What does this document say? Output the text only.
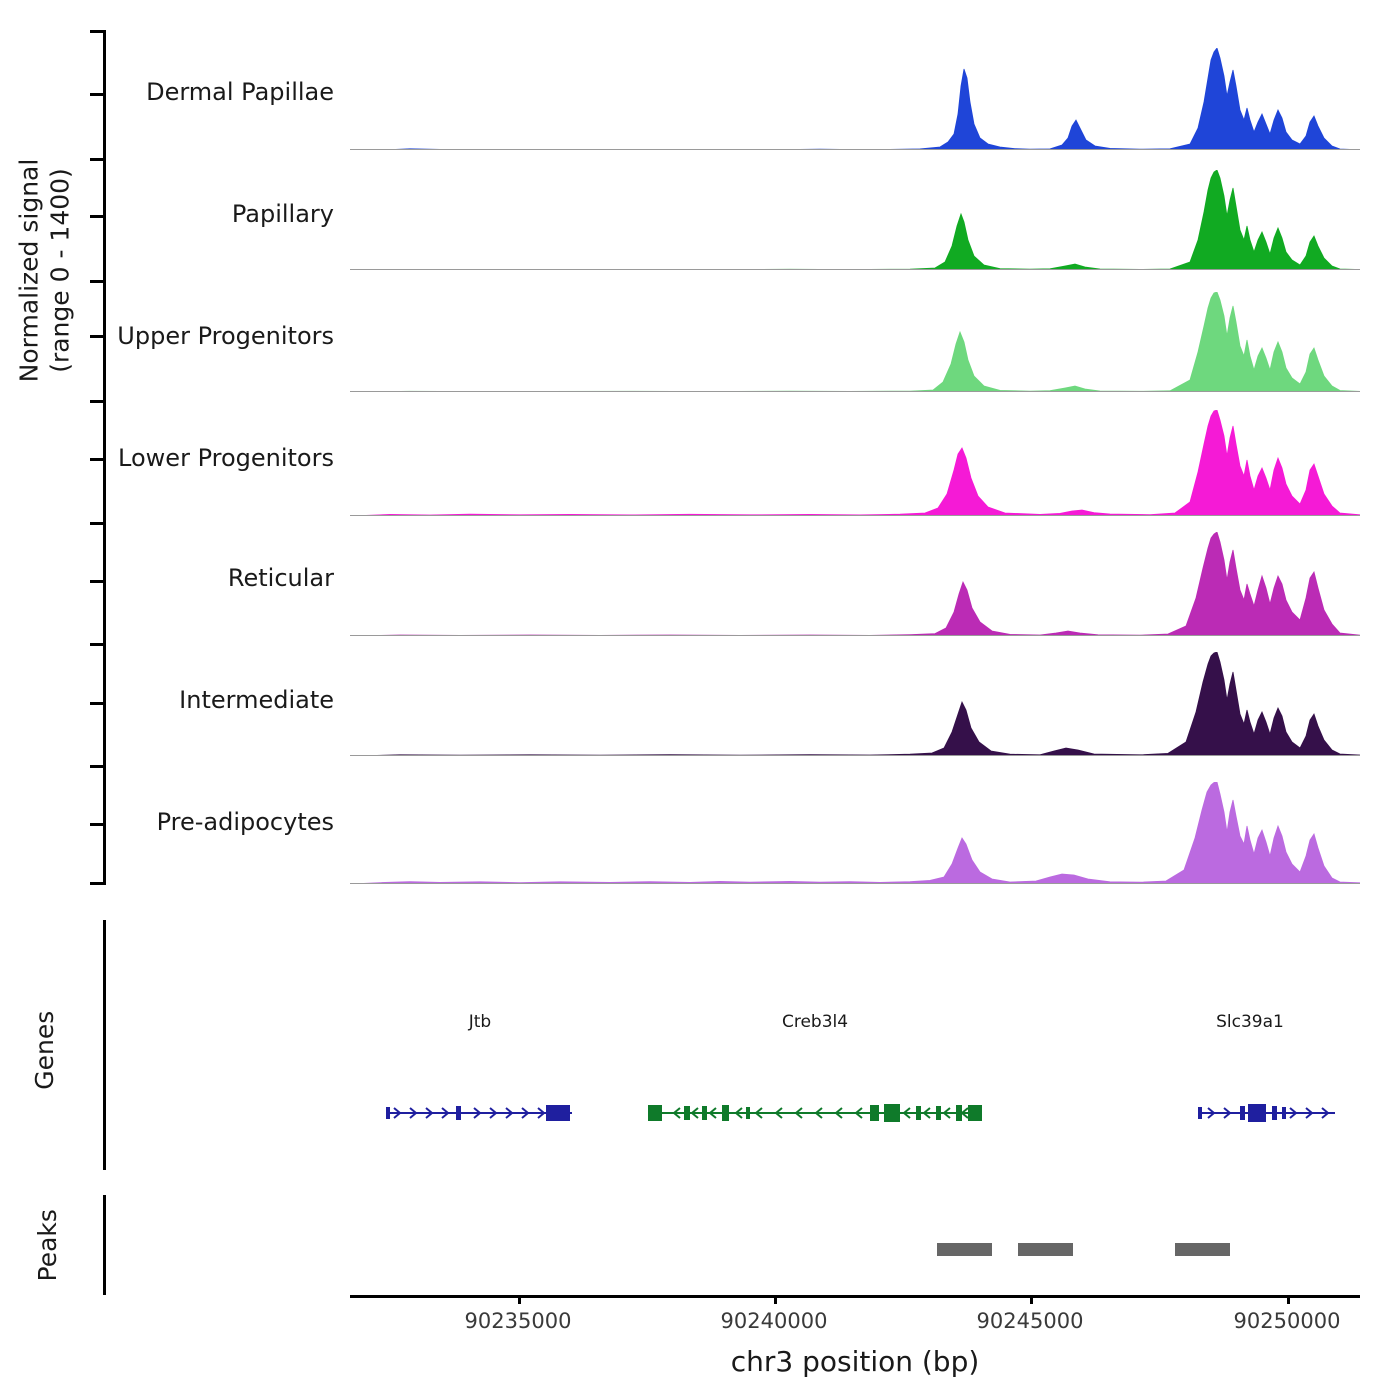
Normalized signal (range 0 - 1400)
Genes
Peaks
Dermal Papillae
Papillary
Upper Progenitors
Lower Progenitors
Reticular
Intermediate
Pre-adipocytes
Jtb	Creb3l4	Slc39a1
90235000	90240000	90245000	90250000
chr3 position (bp)
